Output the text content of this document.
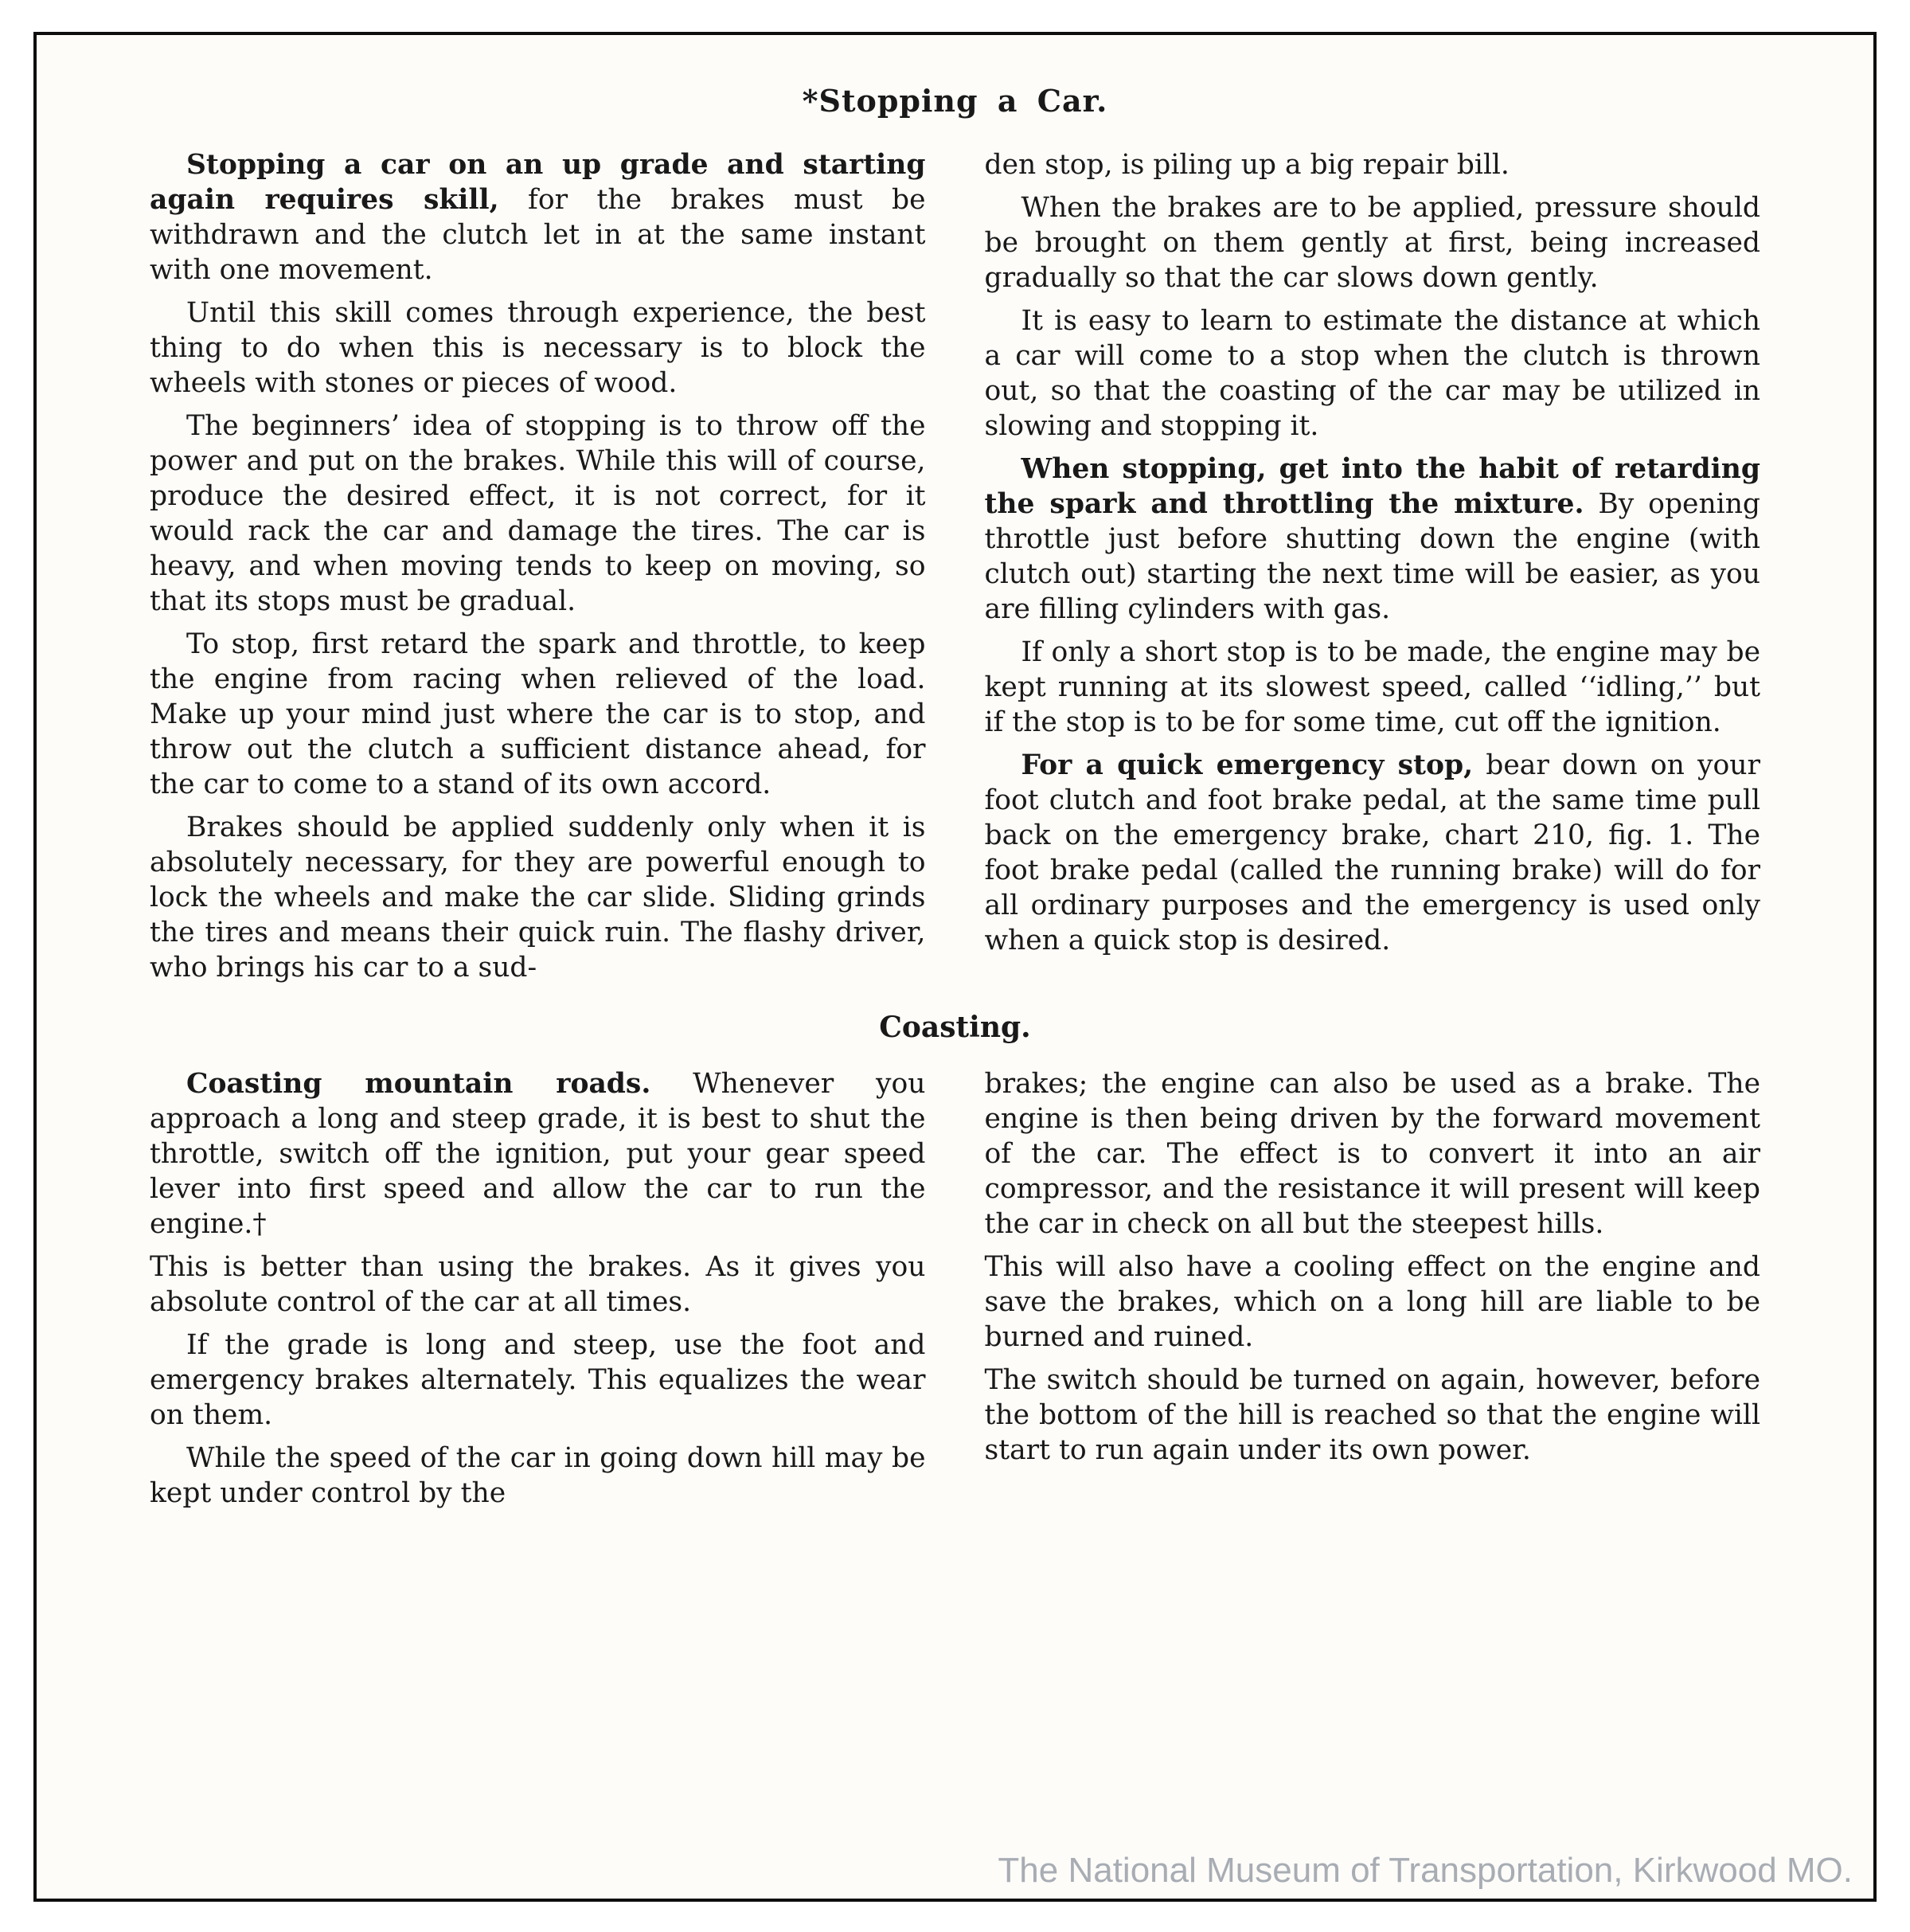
*Stopping a Car.

Stopping a car on an up grade and starting again requires skill, for the brakes must be withdrawn and the clutch let in at the same instant with one movement.

Until this skill comes through experience, the best thing to do when this is necessary is to block the wheels with stones or pieces of wood.

The beginners’ idea of stopping is to throw off the power and put on the brakes. While this will of course, produce the desired effect, it is not correct, for it would rack the car and damage the tires. The car is heavy, and when moving tends to keep on moving, so that its stops must be gradual.

To stop, first retard the spark and throttle, to keep the engine from racing when relieved of the load. Make up your mind just where the car is to stop, and throw out the clutch a sufficient distance ahead, for the car to come to a stand of its own accord.

Brakes should be applied suddenly only when it is absolutely necessary, for they are powerful enough to lock the wheels and make the car slide. Sliding grinds the tires and means their quick ruin. The flashy driver, who brings his car to a sud-

den stop, is piling up a big repair bill.

When the brakes are to be applied, pressure should be brought on them gently at first, being increased gradually so that the car slows down gently.

It is easy to learn to estimate the distance at which a car will come to a stop when the clutch is thrown out, so that the coasting of the car may be utilized in slowing and stopping it.

When stopping, get into the habit of retarding the spark and throttling the mixture. By opening throttle just before shutting down the engine (with clutch out) starting the next time will be easier, as you are filling cylinders with gas.

If only a short stop is to be made, the engine may be kept running at its slowest speed, called ‘‘idling,’’ but if the stop is to be for some time, cut off the ignition.

For a quick emergency stop, bear down on your foot clutch and foot brake pedal, at the same time pull back on the emergency brake, chart 210, fig. 1. The foot brake pedal (called the running brake) will do for all ordinary purposes and the emergency is used only when a quick stop is desired.

Coasting.

Coasting mountain roads. Whenever you approach a long and steep grade, it is best to shut the throttle, switch off the ignition, put your gear speed lever into first speed and allow the car to run the engine.†

This is better than using the brakes. As it gives you absolute control of the car at all times.

If the grade is long and steep, use the foot and emergency brakes alternately. This equalizes the wear on them.

While the speed of the car in going down hill may be kept under control by the

brakes; the engine can also be used as a brake. The engine is then being driven by the forward movement of the car. The effect is to convert it into an air compressor, and the resistance it will present will keep the car in check on all but the steepest hills.

This will also have a cooling effect on the engine and save the brakes, which on a long hill are liable to be burned and ruined.

The switch should be turned on again, however, before the bottom of the hill is reached so that the engine will start to run again under its own power.

The National Museum of Transportation, Kirkwood MO.
